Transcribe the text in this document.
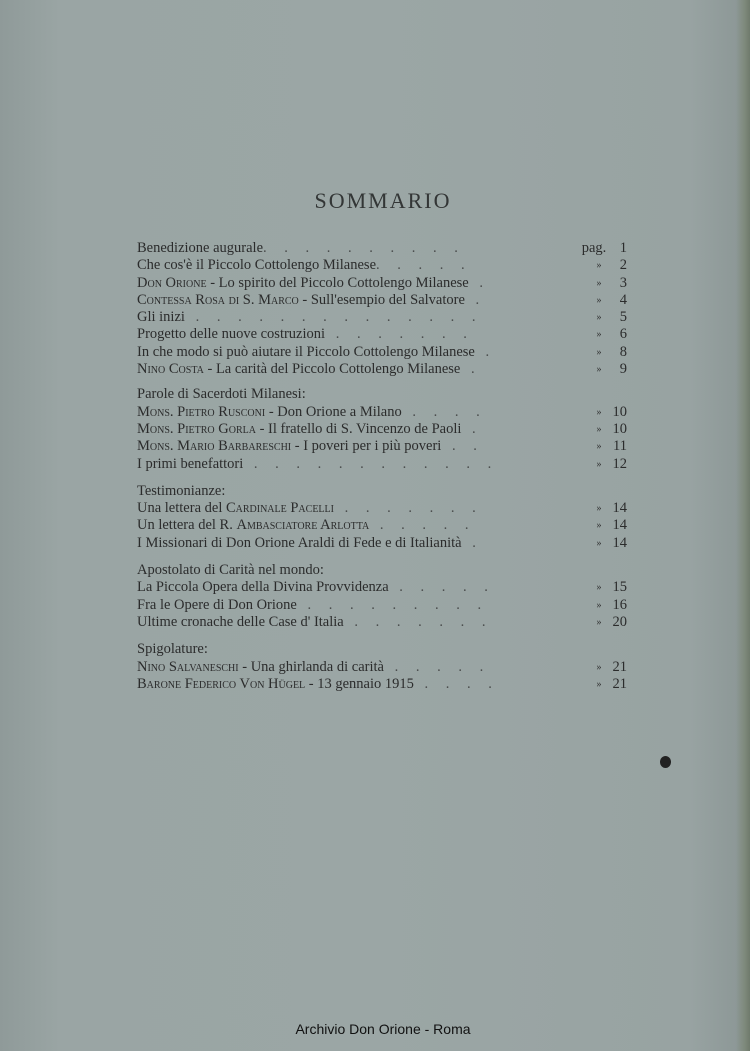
SOMMARIO
Benedizione augurale. . . . . . . . . .	pag. 1
Che cos'è il Piccolo Cottolengo Milanese. . . . .	»	2
Don Orione - Lo spirito del Piccolo Cottolengo Milanese .	»	3
Contessa Rosa di S. Marco - Sull'esempio del Salvatore .	»	4
Gli inizi . . . . . . . . . . . . . .	»	5
Progetto delle nuove costruzioni . . . . . . .	»	6
In che modo si può aiutare il Piccolo Cottolengo Milanese .	»	8
Nino Costa - La carità del Piccolo Cottolengo Milanese .	»	9
Parole di Sacerdoti Milanesi:
Mons. Pietro Rusconi - Don Orione a Milano . . . .	» 10
Mons. Pietro Gorla - Il fratello di S. Vincenzo de Paoli .	» 10
Mons. Mario Barbareschi - I poveri per i più poveri . .	» 11
I primi benefattori . . . . . . . . . . . .	» 12
Testimonianze:
Una lettera del Cardinale Pacelli . . . . . . .	» 14
Un lettera del R. Ambasciatore Arlotta . . . . .	» 14
I Missionari di Don Orione Araldi di Fede e di Italianità .	» 14
Apostolato di Carità nel mondo:
La Piccola Opera della Divina Provvidenza . . . . .	» 15
Fra le Opere di Don Orione . . . . . . . . .	» 16
Ultime cronache delle Case d' Italia . . . . . . .	» 20
Spigolature:
Nino Salvaneschi - Una ghirlanda di carità . . . . .	» 21
Barone Federico Von Hügel - 13 gennaio 1915 . . . .	» 21
Archivio Don Orione - Roma
